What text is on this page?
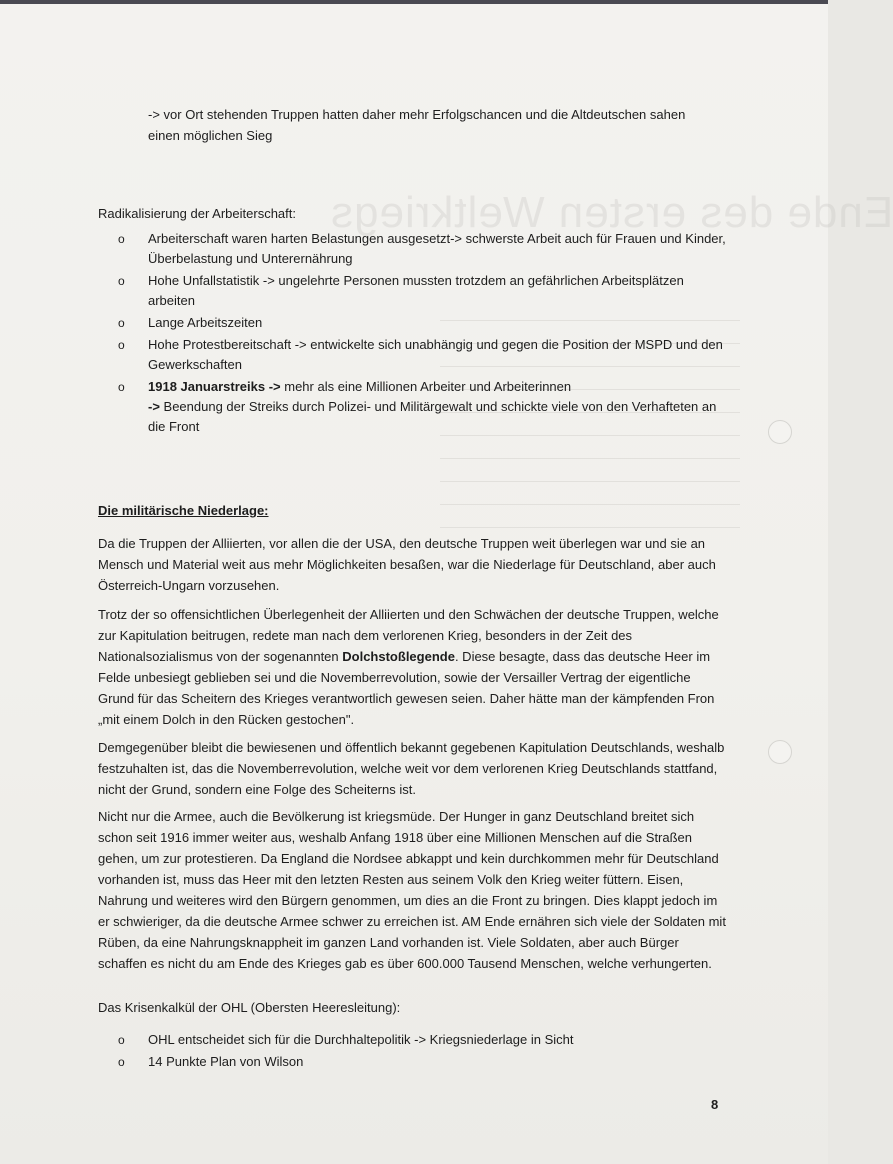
Ende des ersten Weltkriegs

-> vor Ort stehenden Truppen hatten daher mehr Erfolgschancen und die Altdeutschen sahen

einen möglichen Sieg

Radikalisierung der Arbeiterschaft:

o Arbeiterschaft waren harten Belastungen ausgesetzt-> schwerste Arbeit auch für Frauen und Kinder, Überbelastung und Unterernährung
o Hohe Unfallstatistik -> ungelehrte Personen mussten trotzdem an gefährlichen Arbeitsplätzen arbeiten
o Lange Arbeitszeiten
o Hohe Protestbereitschaft -> entwickelte sich unabhängig und gegen die Position der MSPD und den Gewerkschaften
o 1918 Januarstreiks -> mehr als eine Millionen Arbeiter und Arbeiterinnen
-> Beendung der Streiks durch Polizei- und Militärgewalt und schickte viele von den Verhafteten an die Front
Die militärische Niederlage:

Da die Truppen der Alliierten, vor allen die der USA, den deutsche Truppen weit überlegen war und sie an Mensch und Material weit aus mehr Möglichkeiten besaßen, war die Niederlage für Deutschland, aber auch Österreich-Ungarn vorzusehen.

Trotz der so offensichtlichen Überlegenheit der Alliierten und den Schwächen der deutsche Truppen, welche zur Kapitulation beitrugen, redete man nach dem verlorenen Krieg, besonders in der Zeit des Nationalsozialismus von der sogenannten Dolchstoßlegende. Diese besagte, dass das deutsche Heer im Felde unbesiegt geblieben sei und die Novemberrevolution, sowie der Versailler Vertrag der eigentliche Grund für das Scheitern des Krieges verantwortlich gewesen seien. Daher hätte man der kämpfenden Fron „mit einem Dolch in den Rücken gestochen".

Demgegenüber bleibt die bewiesenen und öffentlich bekannt gegebenen Kapitulation Deutschlands, weshalb festzuhalten ist, das die Novemberrevolution, welche weit vor dem verlorenen Krieg Deutschlands stattfand, nicht der Grund, sondern eine Folge des Scheiterns ist.

Nicht nur die Armee, auch die Bevölkerung ist kriegsmüde. Der Hunger in ganz Deutschland breitet sich schon seit 1916 immer weiter aus, weshalb Anfang 1918 über eine Millionen Menschen auf die Straßen gehen, um zur protestieren. Da England die Nordsee abkappt und kein durchkommen mehr für Deutschland vorhanden ist, muss das Heer mit den letzten Resten aus seinem Volk den Krieg weiter füttern. Eisen, Nahrung und weiteres wird den Bürgern genommen, um dies an die Front zu bringen. Dies klappt jedoch im er schwieriger, da die deutsche Armee schwer zu erreichen ist. AM Ende ernähren sich viele der Soldaten mit Rüben, da eine Nahrungsknappheit im ganzen Land vorhanden ist. Viele Soldaten, aber auch Bürger schaffen es nicht du am Ende des Krieges gab es über 600.000 Tausend Menschen, welche verhungerten.

Das Krisenkalkül der OHL (Obersten Heeresleitung):

o OHL entscheidet sich für die Durchhaltepolitik -> Kriegsniederlage in Sicht
o 14 Punkte Plan von Wilson
8
